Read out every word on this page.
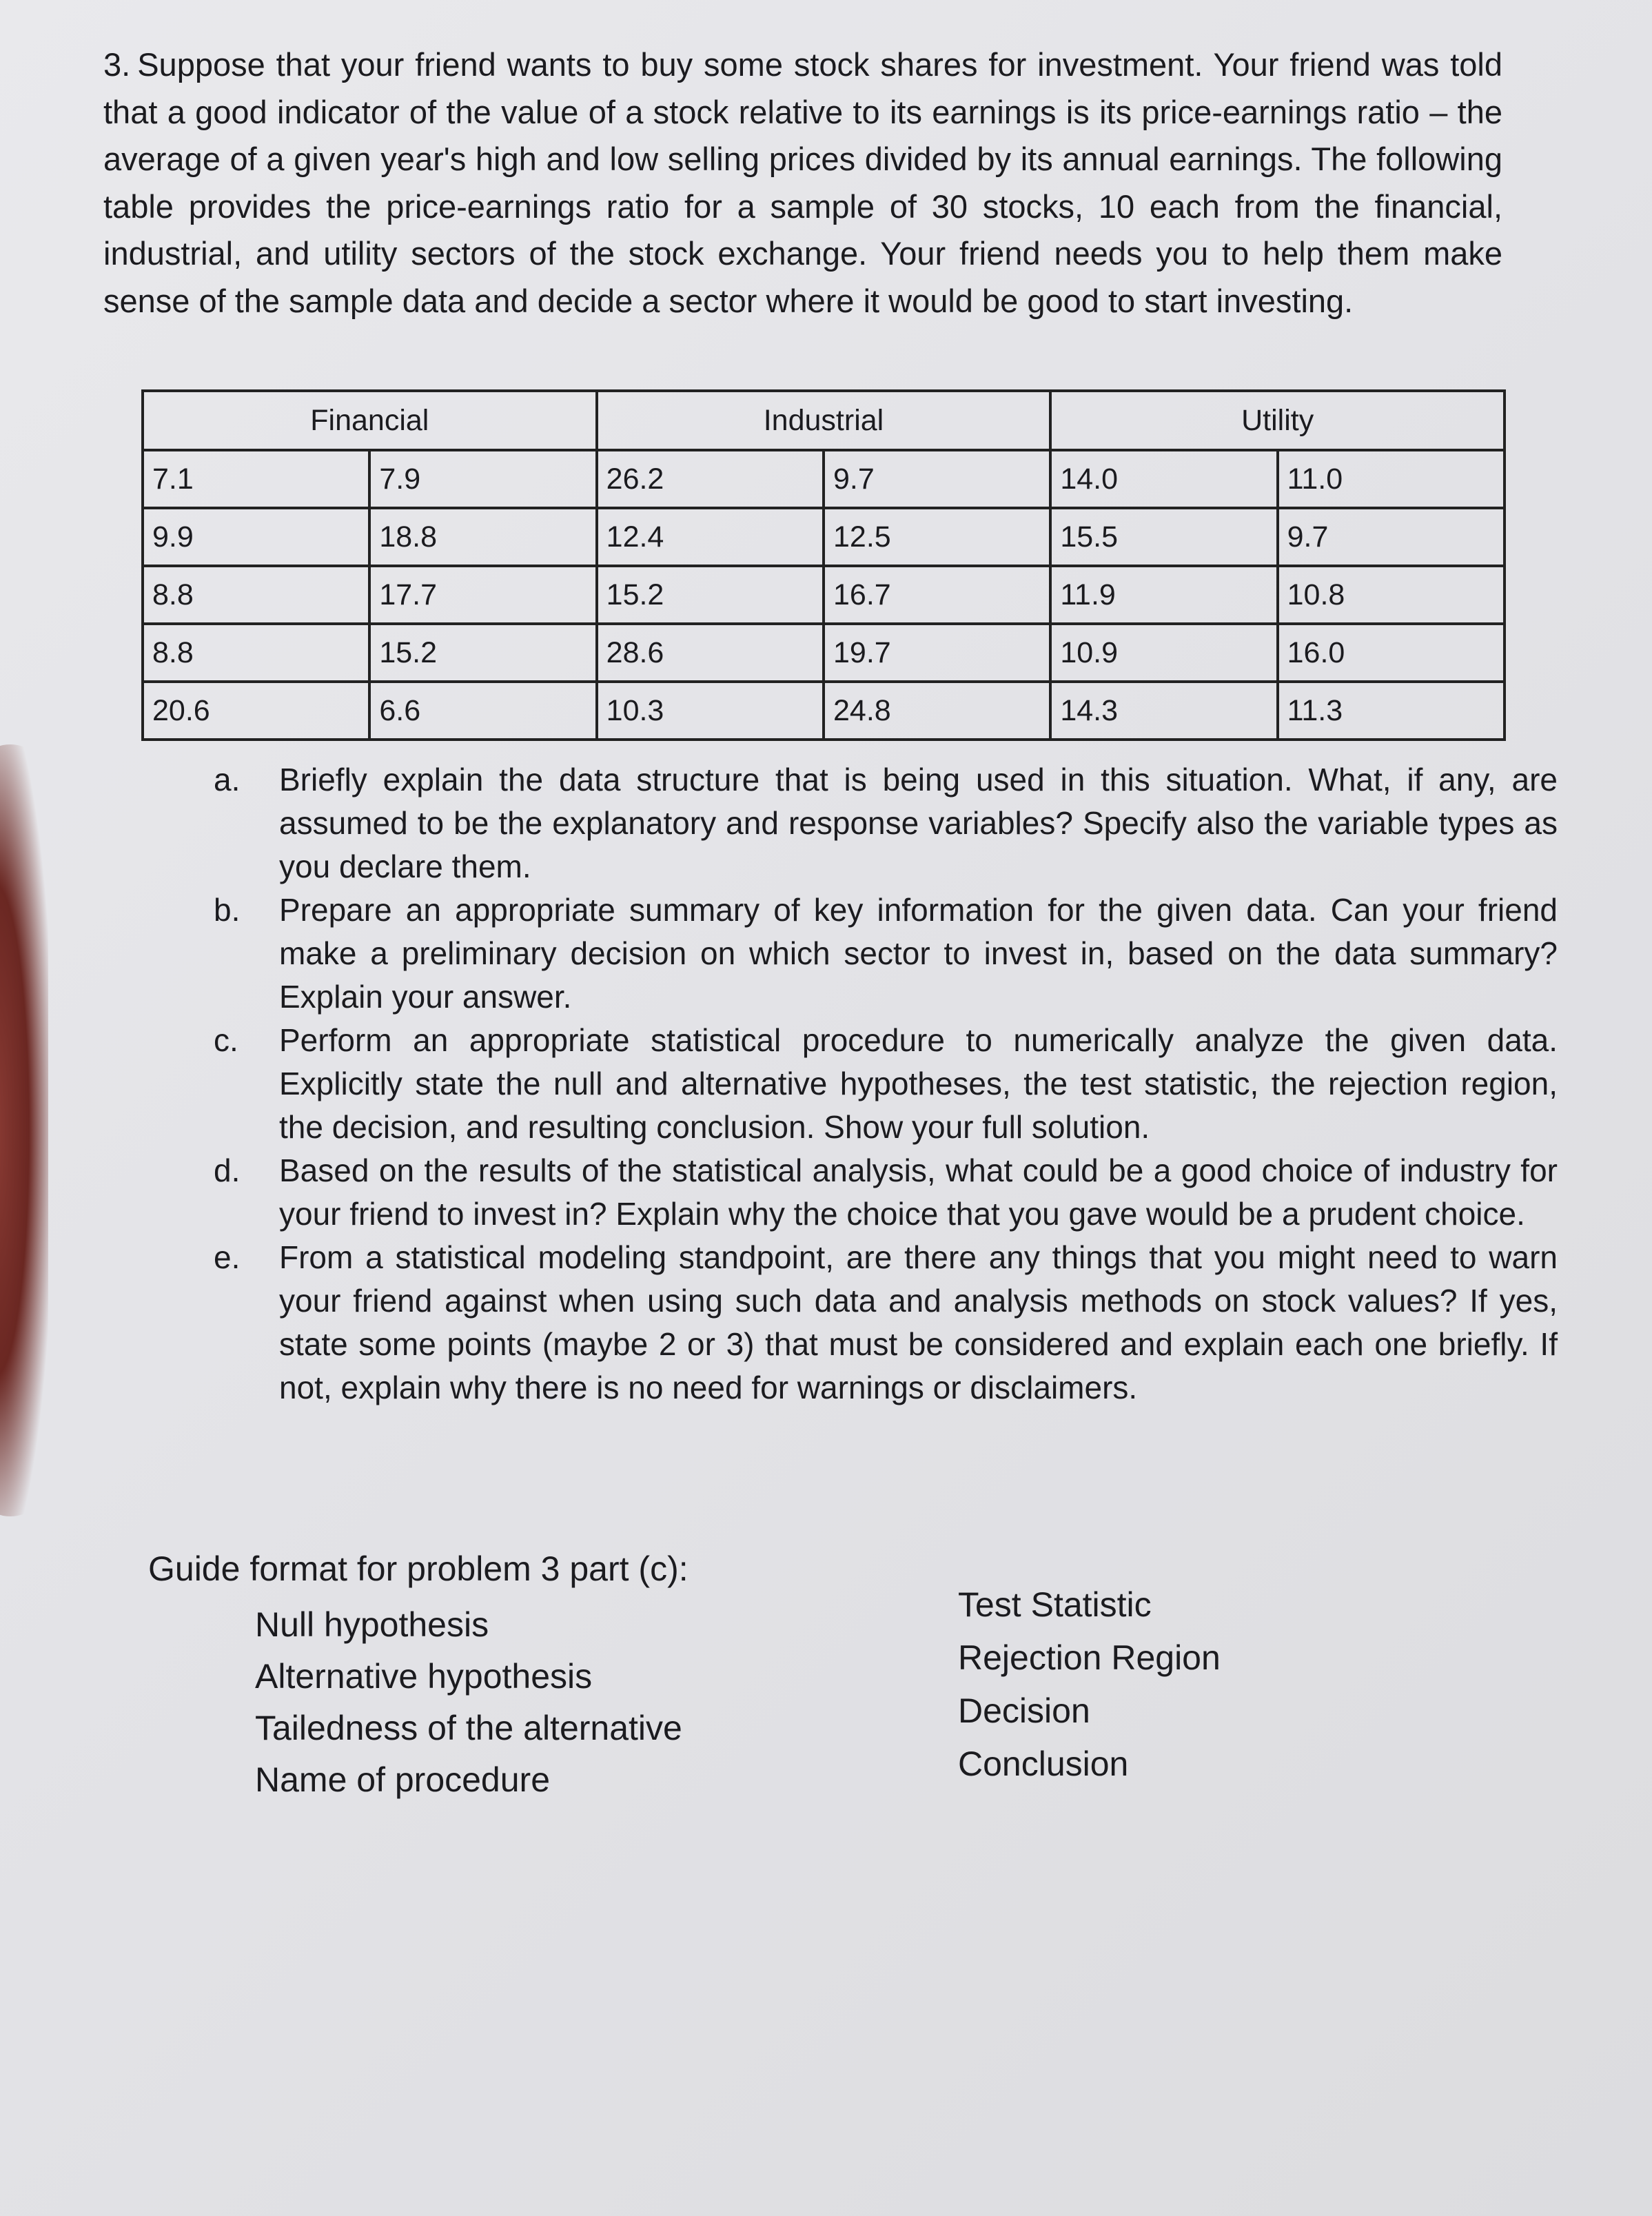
3. Suppose that your friend wants to buy some stock shares for investment. Your friend was told that a good indicator of the value of a stock relative to its earnings is its price-earnings ratio – the average of a given year's high and low selling prices divided by its annual earnings. The following table provides the price-earnings ratio for a sample of 30 stocks, 10 each from the financial, industrial, and utility sectors of the stock exchange. Your friend needs you to help them make sense of the sample data and decide a sector where it would be good to start investing.

Financial		Industrial		Utility	
7.1	7.9	26.2	9.7	14.0	11.0
9.9	18.8	12.4	12.5	15.5	9.7
8.8	17.7	15.2	16.7	11.9	10.8
8.8	15.2	28.6	19.7	10.9	16.0
20.6	6.6	10.3	24.8	14.3	11.3
a. Briefly explain the data structure that is being used in this situation. What, if any, are assumed to be the explanatory and response variables? Specify also the variable types as you declare them.
b. Prepare an appropriate summary of key information for the given data. Can your friend make a preliminary decision on which sector to invest in, based on the data summary? Explain your answer.
c. Perform an appropriate statistical procedure to numerically analyze the given data. Explicitly state the null and alternative hypotheses, the test statistic, the rejection region, the decision, and resulting conclusion. Show your full solution.
d. Based on the results of the statistical analysis, what could be a good choice of industry for your friend to invest in? Explain why the choice that you gave would be a prudent choice.
e. From a statistical modeling standpoint, are there any things that you might need to warn your friend against when using such data and analysis methods on stock values? If yes, state some points (maybe 2 or 3) that must be considered and explain each one briefly. If not, explain why there is no need for warnings or disclaimers.

Guide format for problem 3 part (c):

Null hypothesis
Alternative hypothesis
Tailedness of the alternative
Name of procedure
Test Statistic
Rejection Region
Decision
Conclusion
